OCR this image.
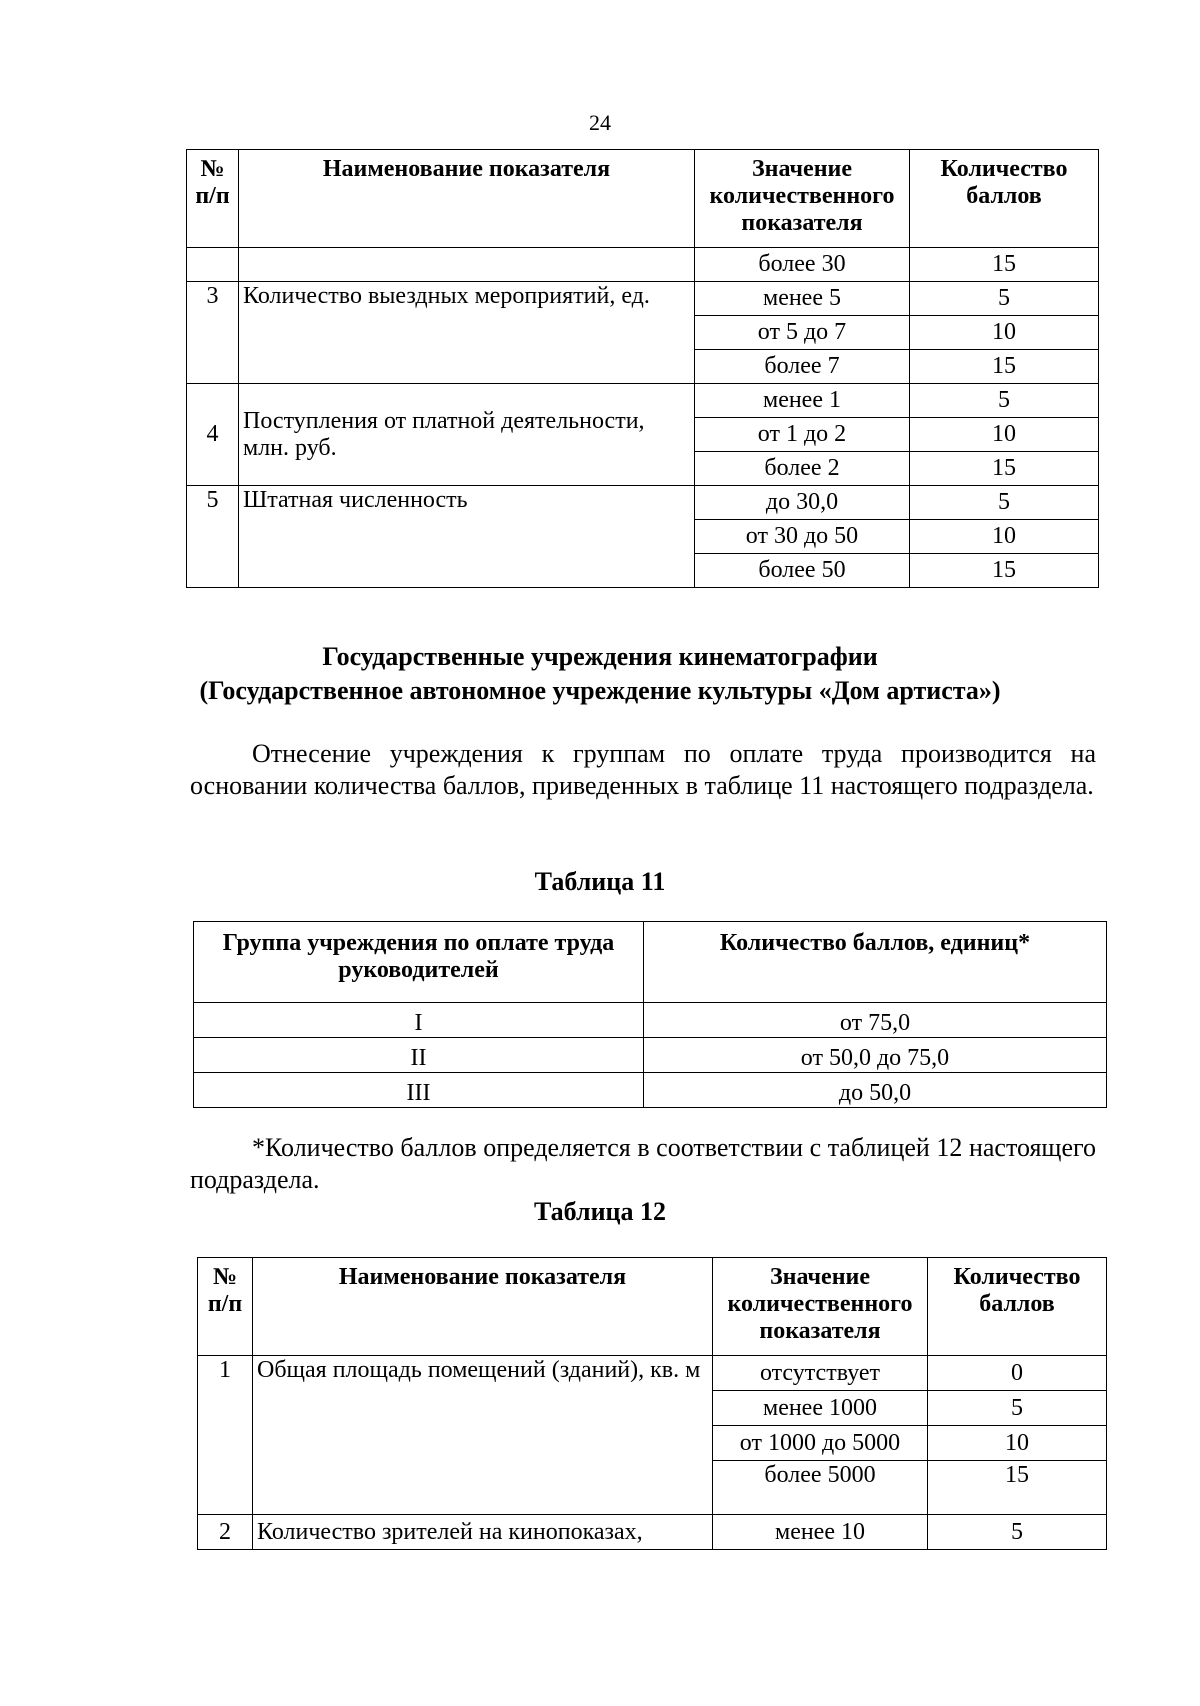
24
№ п/п	Наименование показателя	Значение количественного показателя	Количество баллов
		более 30	15
3	Количество выездных мероприятий, ед.	менее 5	5
		от 5 до 7	10
		более 7	15
4	Поступления от платной деятельности, млн. руб.	менее 1	5
		от 1 до 2	10
		более 2	15
5	Штатная численность	до 30,0	5
		от 30 до 50	10
		более 50	15
Государственные учреждения кинематографии
(Государственное автономное учреждение культуры «Дом артиста»)
Отнесение учреждения к группам по оплате труда производится на основании количества баллов, приведенных в таблице 11 настоящего подраздела.
Таблица 11
Группа учреждения по оплате труда руководителей	Количество баллов, единиц*
I	от 75,0
II	от 50,0 до 75,0
III	до 50,0
*Количество баллов определяется в соответствии с таблицей 12 настоящего подраздела.
Таблица 12
№ п/п	Наименование показателя	Значение количественного показателя	Количество баллов
1	Общая площадь помещений (зданий), кв. м	отсутствует	0
		менее 1000	5
		от 1000 до 5000	10
		более 5000	15
2	Количество зрителей на кинопоказах,	менее 10	5
